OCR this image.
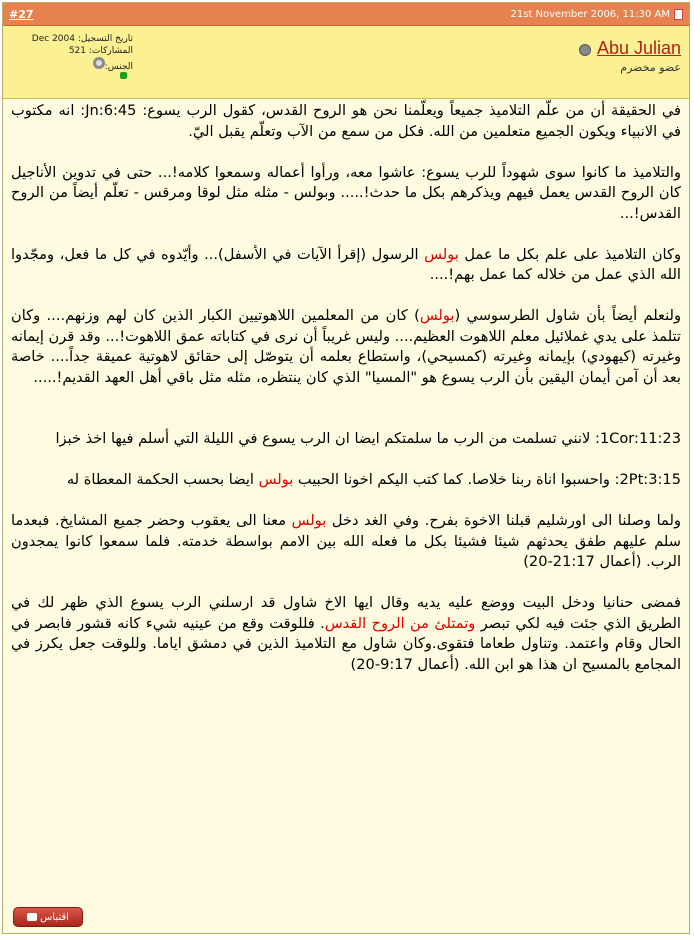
#27	21st November 2006, 11:30 AM
تاريخ التسجيل: Dec 2004
المشاركات: 521
الجنس:
Abu Julian
عضو مخضرم

في الحقيقة أن من علّم التلاميذ جميعاً ويعلّمنا نحن هو الروح القدس، كقول الرب يسوع: Jn:6:45: انه مكتوب في الانبياء ويكون الجميع متعلمين من الله. فكل من سمع من الآب وتعلّم يقبل اليّ.

والتلاميذ ما كانوا سوى شهوداً للرب يسوع: عاشوا معه، ورأوا أعماله وسمعوا كلامه!... حتى في تدوين الأناجيل كان الروح القدس يعمل فيهم ويذكرهم بكل ما حدث!..... وبولس - مثله مثل لوقا ومرقس - تعلّم أيضاً من الروح القدس!...

وكان التلاميذ على علم بكل ما عمل بولس الرسول (إقرأ الآيات في الأسفل)... وأيّدوه في كل ما فعل، ومجّدوا الله الذي عمل من خلاله كما عمل بهم!....

ولنعلم أيضاً بأن شاول الطرسوسي (بولس) كان من المعلمين اللاهوتيين الكبار الذين كان لهم وزنهم.... وكان تتلمذ على يدي غملائيل معلم اللاهوت العظيم.... وليس غريباً أن نرى في كتاباته عمق اللاهوت!... وقد قرن إيمانه وغيرته (كيهودي) بإيمانه وغيرته (كمسيحي)، واستطاع بعلمه أن يتوصّل إلى حقائق لاهوتية عميقة جداً.... خاصة بعد أن آمن أيمان اليقين بأن الرب يسوع هو "المسيا" الذي كان ينتظره، مثله مثل باقي أهل العهد القديم!.....

1Cor:11:23: لانني تسلمت من الرب ما سلمتكم ايضا ان الرب يسوع في الليلة التي أسلم فيها اخذ خبزا

2Pt:3:15: واحسبوا اناة ربنا خلاصا. كما كتب اليكم اخونا الحبيب بولس ايضا بحسب الحكمة المعطاة له

ولما وصلنا الى اورشليم قبلنا الاخوة بفرح. وفي الغد دخل بولس معنا الى يعقوب وحضر جميع المشايخ. فبعدما سلم عليهم طفق يحدثهم شيئا فشيئا بكل ما فعله الله بين الامم بواسطة خدمته. فلما سمعوا كانوا يمجدون الرب. (أعمال 21:17-20)

فمضى حنانيا ودخل البيت ووضع عليه يديه وقال ايها الاخ شاول قد ارسلني الرب يسوع الذي ظهر لك في الطريق الذي جئت فيه لكي تبصر وتمتلئ من الروح القدس. فللوقت وقع من عينيه شيء كانه قشور فابصر في الحال وقام واعتمد. وتناول طعاما فتقوى.وكان شاول مع التلاميذ الذين في دمشق اياما. وللوقت جعل يكرز في المجامع بالمسيح ان هذا هو ابن الله. (أعمال 9:17-20)

اقتباس
